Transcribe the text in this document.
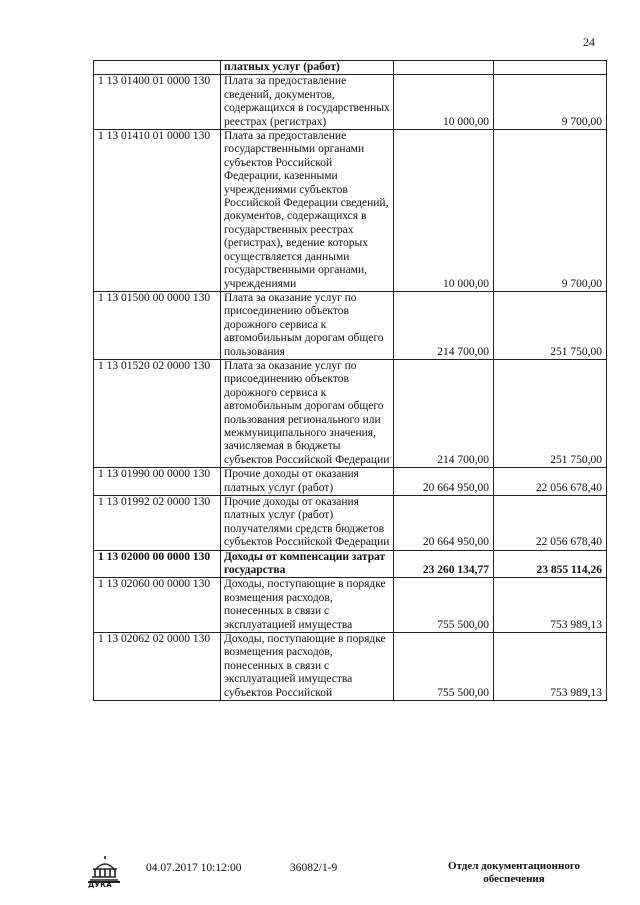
24
	платных услуг (работ)		
1 13 01400 01 0000 130	Плата за предоставление сведений, документов, содержащихся в государственных реестрах (регистрах)	10 000,00	9 700,00
1 13 01410 01 0000 130	Плата за предоставление государственными органами субъектов Российской Федерации, казенными учреждениями субъектов Российской Федерации сведений, документов, содержащихся в государственных реестрах (регистрах), ведение которых осуществляется данными государственными органами, учреждениями	10 000,00	9 700,00
1 13 01500 00 0000 130	Плата за оказание услуг по присоединению объектов дорожного сервиса к автомобильным дорогам общего пользования	214 700,00	251 750,00
1 13 01520 02 0000 130	Плата за оказание услуг по присоединению объектов дорожного сервиса к автомобильным дорогам общего пользования регионального или межмуниципального значения, зачисляемая в бюджеты субъектов Российской Федерации	214 700,00	251 750,00
1 13 01990 00 0000 130	Прочие доходы от оказания платных услуг (работ)	20 664 950,00	22 056 678,40
1 13 01992 02 0000 130	Прочие доходы от оказания платных услуг (работ) получателями средств бюджетов субъектов Российской Федерации	20 664 950,00	22 056 678,40
1 13 02000 00 0000 130	Доходы от компенсации затрат государства	23 260 134,77	23 855 114,26
1 13 02060 00 0000 130	Доходы, поступающие в порядке возмещения расходов, понесенных в связи с эксплуатацией имущества	755 500,00	753 989,13
1 13 02062 02 0000 130	Доходы, поступающие в порядке возмещения расходов, понесенных в связи с эксплуатацией имущества субъектов Российской	755 500,00	753 989,13
ДУКА
04.07.2017 10:12:00	36082/1-9	Отдел документационного
обеспечения
